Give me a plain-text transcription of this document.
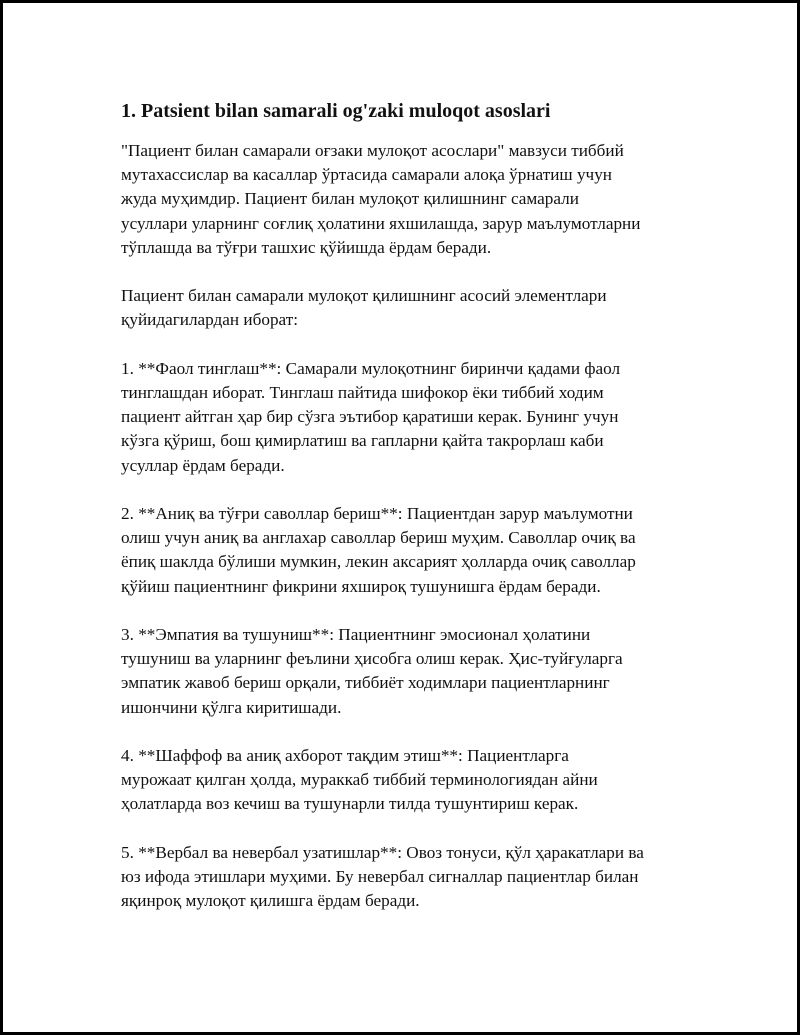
1. Patsient bilan samarali og'zaki muloqot asoslari

"Пациент билан самарали оғзаки мулоқот асослари" мавзуси тиббий
мутахассислар ва касаллар ўртасида самарали алоқа ўрнатиш учун
жуда муҳимдир. Пациент билан мулоқот қилишнинг самарали
усуллари уларнинг соғлиқ ҳолатини яхшилашда, зарур маълумотларни
тўплашда ва тўғри ташхис қўйишда ёрдам беради.

Пациент билан самарали мулоқот қилишнинг асосий элементлари
қуйидагилардан иборат:

1. **Фаол тинглаш**: Самарали мулоқотнинг биринчи қадами фаол
тинглашдан иборат. Тинглаш пайтида шифокор ёки тиббий ходим
пациент айтган ҳар бир сўзга эътибор қаратиши керак. Бунинг учун
кўзга қўриш, бош қимирлатиш ва гапларни қайта такрорлаш каби
усуллар ёрдам беради.

2. **Аниқ ва тўғри саволлар бериш**: Пациентдан зарур маълумотни
олиш учун аниқ ва англахар саволлар бериш муҳим. Саволлар очиқ ва
ёпиқ шаклда бўлиши мумкин, лекин аксарият ҳолларда очиқ саволлар
қўйиш пациентнинг фикрини яхшироқ тушунишга ёрдам беради.

3. **Эмпатия ва тушуниш**: Пациентнинг эмосионал ҳолатини
тушуниш ва уларнинг феълини ҳисобга олиш керак. Ҳис-туйғуларга
эмпатик жавоб бериш орқали, тиббиёт ходимлари пациентларнинг
ишончини қўлга киритишади.

4. **Шаффоф ва аниқ ахборот тақдим этиш**: Пациентларга
мурожаат қилган ҳолда, мураккаб тиббий терминологиядан айни
ҳолатларда воз кечиш ва тушунарли тилда тушунтириш керак.

5. **Вербал ва невербал узатишлар**: Овоз тонуси, қўл ҳаракатлари ва
юз ифода этишлари муҳими. Бу невербал сигналлар пациентлар билан
яқинроқ мулоқот қилишга ёрдам беради.
